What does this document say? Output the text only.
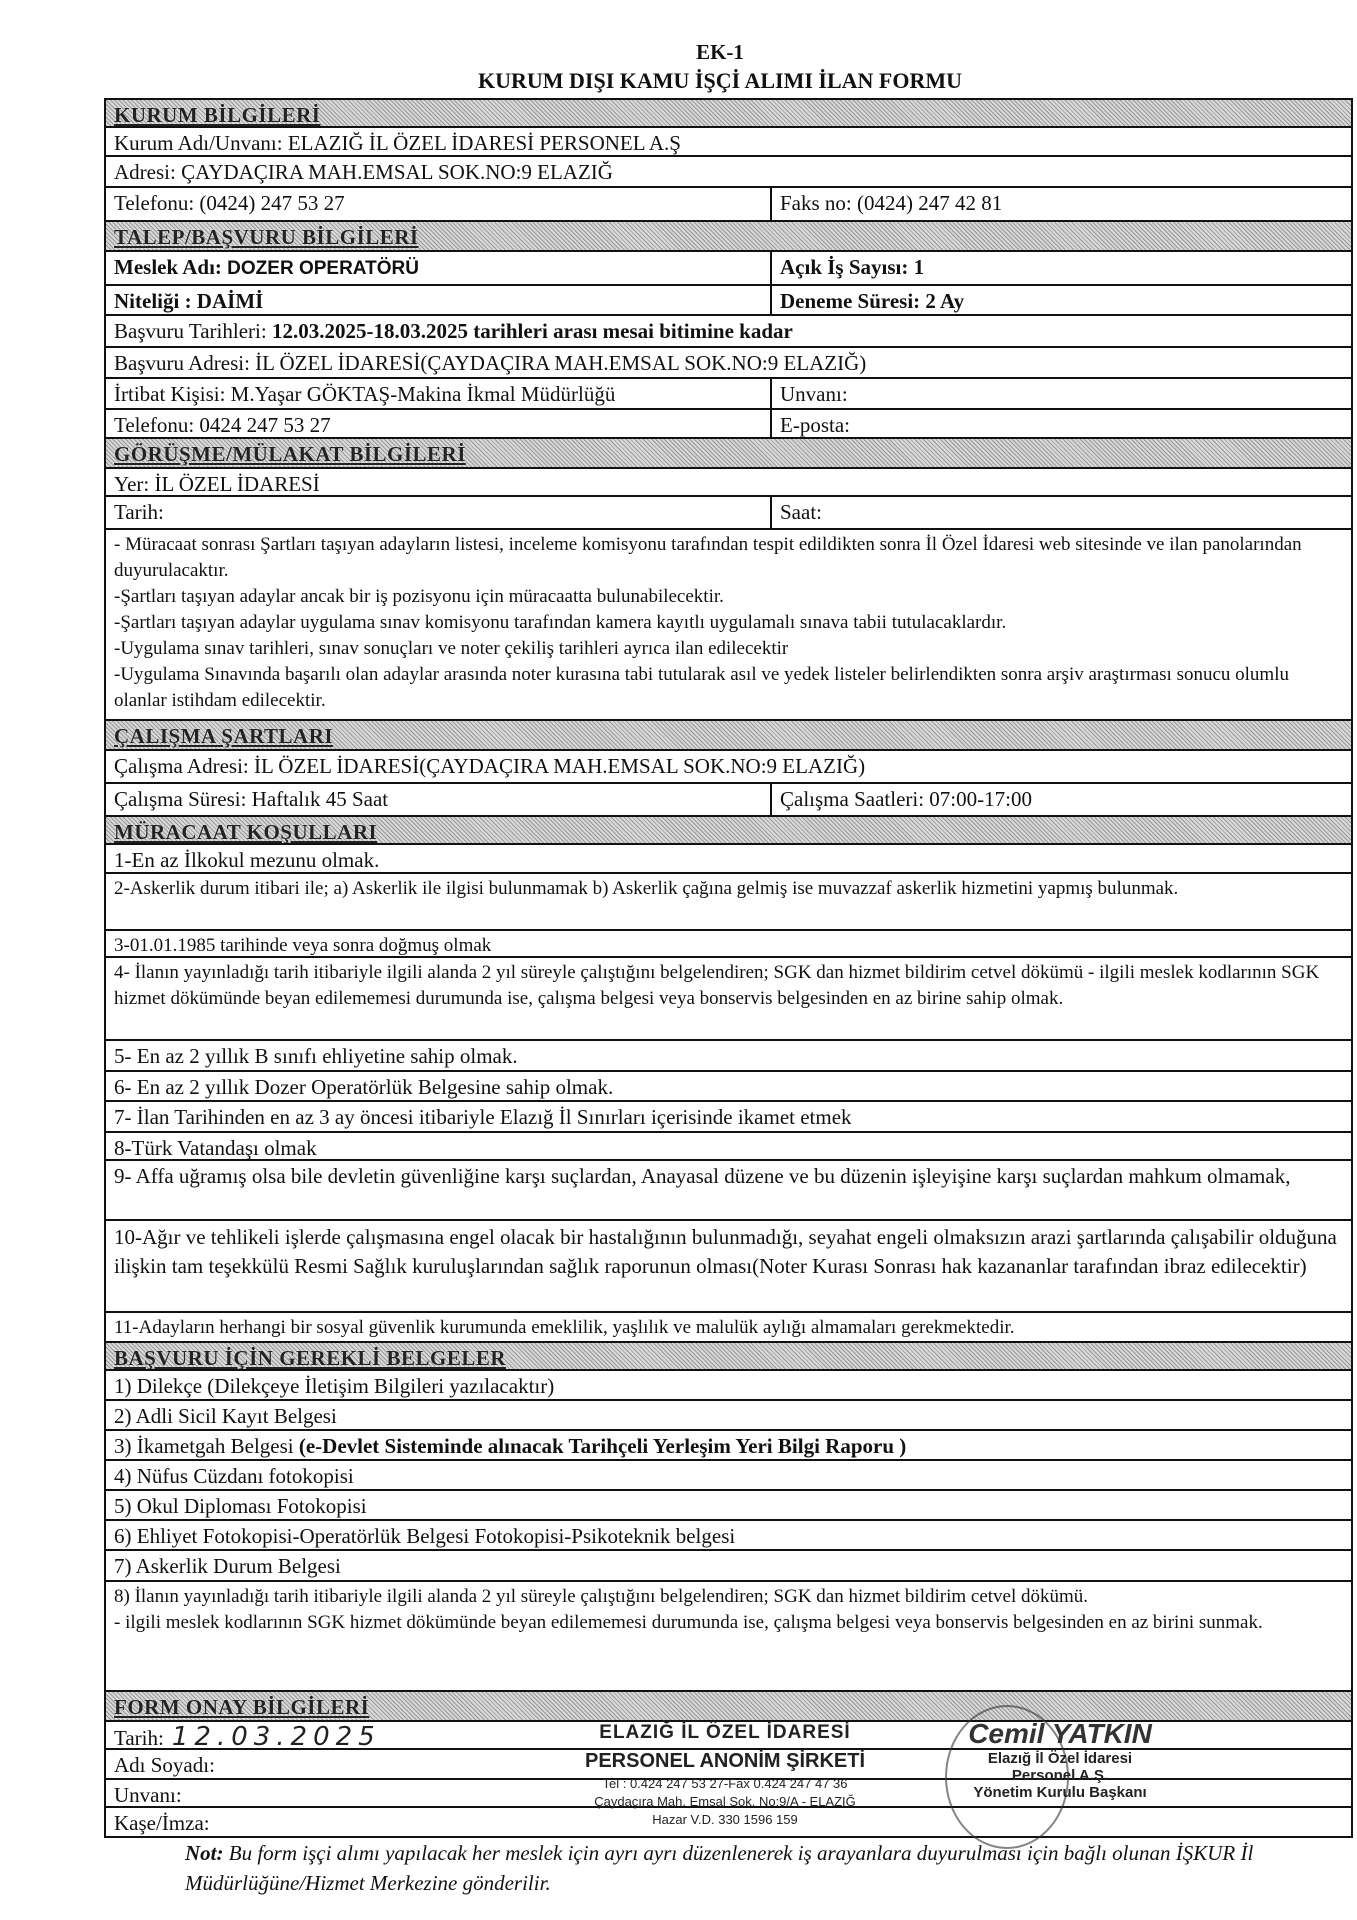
EK-1
KURUM DIŞI KAMU İŞÇİ ALIMI İLAN FORMU
KURUM BİLGİLERİ
Kurum Adı/Unvanı: ELAZIĞ İL ÖZEL İDARESİ PERSONEL A.Ş
Adresi: ÇAYDAÇIRA MAH.EMSAL SOK.NO:9 ELAZIĞ
Telefonu: (0424) 247 53 27	Faks no: (0424) 247 42 81
TALEP/BAŞVURU BİLGİLERİ
Meslek Adı: DOZER OPERATÖRÜ	Açık İş Sayısı: 1
Niteliği : DAİMİ	Deneme Süresi: 2 Ay
Başvuru Tarihleri: 12.03.2025-18.03.2025 tarihleri arası mesai bitimine kadar
Başvuru Adresi: İL ÖZEL İDARESİ(ÇAYDAÇIRA MAH.EMSAL SOK.NO:9 ELAZIĞ)
İrtibat Kişisi: M.Yaşar GÖKTAŞ-Makina İkmal Müdürlüğü	Unvanı:
Telefonu: 0424 247 53 27	E-posta:
GÖRÜŞME/MÜLAKAT BİLGİLERİ
Yer: İL ÖZEL İDARESİ
Tarih:	Saat:
- Müracaat sonrası Şartları taşıyan adayların listesi, inceleme komisyonu tarafından tespit edildikten sonra İl Özel İdaresi web sitesinde ve ilan panolarından duyurulacaktır.
-Şartları taşıyan adaylar ancak bir iş pozisyonu için müracaatta bulunabilecektir.
-Şartları taşıyan adaylar uygulama sınav komisyonu tarafından kamera kayıtlı uygulamalı sınava tabii tutulacaklardır.
-Uygulama sınav tarihleri, sınav sonuçları ve noter çekiliş tarihleri ayrıca ilan edilecektir
-Uygulama Sınavında başarılı olan adaylar arasında noter kurasına tabi tutularak asıl ve yedek listeler belirlendikten sonra arşiv araştırması sonucu olumlu olanlar istihdam edilecektir.
ÇALIŞMA ŞARTLARI
Çalışma Adresi: İL ÖZEL İDARESİ(ÇAYDAÇIRA MAH.EMSAL SOK.NO:9 ELAZIĞ)
Çalışma Süresi: Haftalık 45 Saat	Çalışma Saatleri: 07:00-17:00
MÜRACAAT KOŞULLARI
1-En az İlkokul mezunu olmak.
2-Askerlik durum itibari ile; a) Askerlik ile ilgisi bulunmamak b) Askerlik çağına gelmiş ise muvazzaf askerlik hizmetini yapmış bulunmak.
3-01.01.1985 tarihinde veya sonra doğmuş olmak
4- İlanın yayınladığı tarih itibariyle ilgili alanda 2 yıl süreyle çalıştığını belgelendiren; SGK dan hizmet bildirim cetvel dökümü - ilgili meslek kodlarının SGK hizmet dökümünde beyan edilememesi durumunda ise, çalışma belgesi veya bonservis belgesinden en az birine sahip olmak.
5- En az 2 yıllık B sınıfı ehliyetine sahip olmak.
6- En az 2 yıllık Dozer Operatörlük Belgesine sahip olmak.
7- İlan Tarihinden en az 3 ay öncesi itibariyle Elazığ İl Sınırları içerisinde ikamet etmek
8-Türk Vatandaşı olmak
9- Affa uğramış olsa bile devletin güvenliğine karşı suçlardan, Anayasal düzene ve bu düzenin işleyişine karşı suçlardan mahkum olmamak,
10-Ağır ve tehlikeli işlerde çalışmasına engel olacak bir hastalığının bulunmadığı, seyahat engeli olmaksızın arazi şartlarında çalışabilir olduğuna ilişkin tam teşekkülü Resmi Sağlık kuruluşlarından sağlık raporunun olması(Noter Kurası Sonrası hak kazananlar tarafından ibraz edilecektir)
11-Adayların herhangi bir sosyal güvenlik kurumunda emeklilik, yaşlılık ve malulük aylığı almamaları gerekmektedir.
BAŞVURU İÇİN GEREKLİ BELGELER
1) Dilekçe (Dilekçeye İletişim Bilgileri yazılacaktır)
2) Adli Sicil Kayıt Belgesi
3) İkametgah Belgesi (e-Devlet Sisteminde alınacak Tarihçeli Yerleşim Yeri Bilgi Raporu )
4) Nüfus Cüzdanı fotokopisi
5) Okul Diploması Fotokopisi
6) Ehliyet Fotokopisi-Operatörlük Belgesi Fotokopisi-Psikoteknik belgesi
7) Askerlik Durum Belgesi
8) İlanın yayınladığı tarih itibariyle ilgili alanda 2 yıl süreyle çalıştığını belgelendiren; SGK dan hizmet bildirim cetvel dökümü.
- ilgili meslek kodlarının SGK hizmet dökümünde beyan edilememesi durumunda ise, çalışma belgesi veya bonservis belgesinden en az birini sunmak.
FORM ONAY BİLGİLERİ
Tarih: 12.03.2025
Adı Soyadı:
Unvanı:
Kaşe/İmza:
ELAZIĞ İL ÖZEL İDARESİ
PERSONEL ANONİM ŞİRKETİ
Tel : 0.424 247 53 27-Fax 0.424 247 47 36
Çaydaçıra Mah. Emsal Sok. No:9/A - ELAZIĞ
Hazar V.D. 330 1596 159
Cemil YATKIN
Elazığ İl Özel İdaresi
Personel A.Ş.
Yönetim Kurulu Başkanı
Not: Bu form işçi alımı yapılacak her meslek için ayrı ayrı düzenlenerek iş arayanlara duyurulması için bağlı olunan İŞKUR İl Müdürlüğüne/Hizmet Merkezine gönderilir.
